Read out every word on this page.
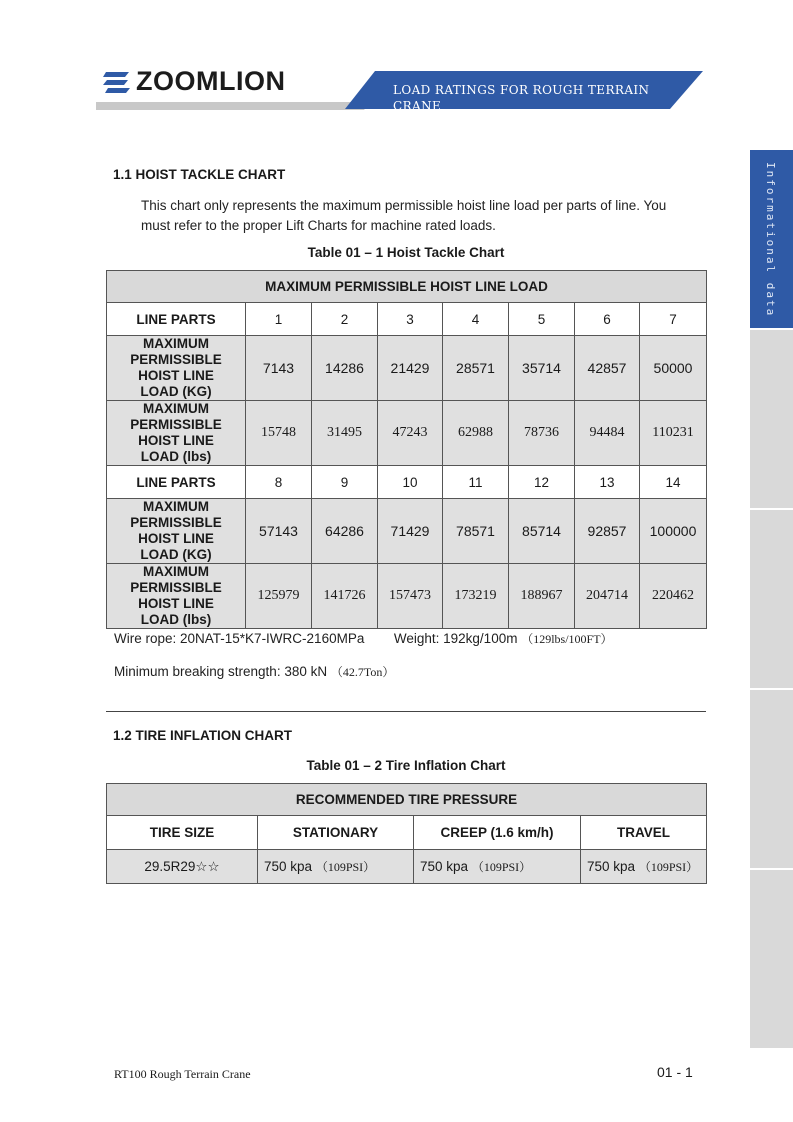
ZOOMLION	LOAD RATINGS FOR ROUGH TERRAIN CRANE
Informational data
1.1 HOIST TACKLE CHART
This chart only represents the maximum permissible hoist line load per parts of line. You
must refer to the proper Lift Charts for machine rated loads.
Table 01 – 1 Hoist Tackle Chart
MAXIMUM PERMISSIBLE HOIST LINE LOAD							
LINE PARTS	1	2	3	4	5	6	7

MAXIMUM
PERMISSIBLE
HOIST LINE
LOAD (KG)	7143	14286	21429	28571	35714	42857	50000

MAXIMUM
PERMISSIBLE
HOIST LINE
LOAD (lbs)	15748	31495	47243	62988	78736	94484	110231
LINE PARTS	8	9	10	11	12	13	14

MAXIMUM
PERMISSIBLE
HOIST LINE
LOAD (KG)	57143	64286	71429	78571	85714	92857	100000

MAXIMUM
PERMISSIBLE
HOIST LINE
LOAD (lbs)	125979	141726	157473	173219	188967	204714	220462
Wire rope: 20NAT-15*K7-IWRC-2160MPa Weight: 192kg/100m （129lbs/100FT）
Minimum breaking strength: 380 kN （42.7Ton）
1.2 TIRE INFLATION CHART
Table 01 – 2 Tire Inflation Chart
RECOMMENDED TIRE PRESSURE			
TIRE SIZE	STATIONARY	CREEP (1.6 km/h)	TRAVEL
29.5R29☆☆	750 kpa （109PSI）	750 kpa （109PSI）	750 kpa （109PSI）
RT100 Rough Terrain Crane	01 - 1
